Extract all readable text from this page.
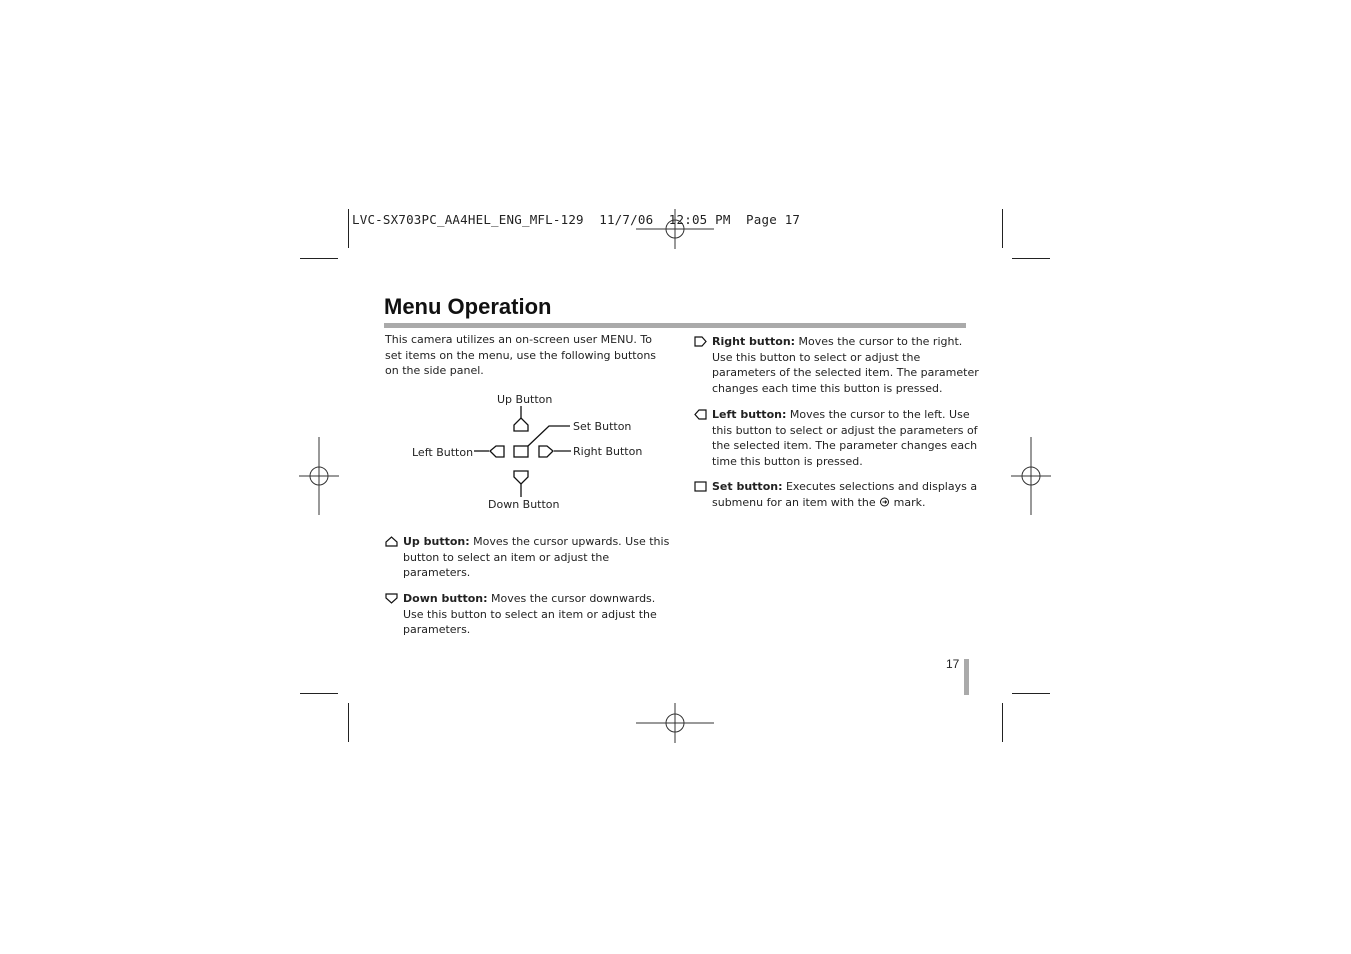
LVC-SX703PC_AA4HEL_ENG_MFL-129 11/7/06 12:05 PM Page 17
Menu Operation
This camera utilizes an on-screen user MENU. To set items on the menu, use the following buttons on the side panel.
Up Button
Set Button
Left Button	Right Button
Down Button
Up button: Moves the cursor upwards. Use this button to select an item or adjust the parameters.
Down button: Moves the cursor downwards. Use this button to select an item or adjust the parameters.
Right button: Moves the cursor to the right. Use this button to select or adjust the parameters of the selected item. The parameter changes each time this button is pressed.
Left button: Moves the cursor to the left. Use this button to select or adjust the parameters of the selected item. The parameter changes each time this button is pressed.
Set button: Executes selections and displays a submenu for an item with the  mark.
17
